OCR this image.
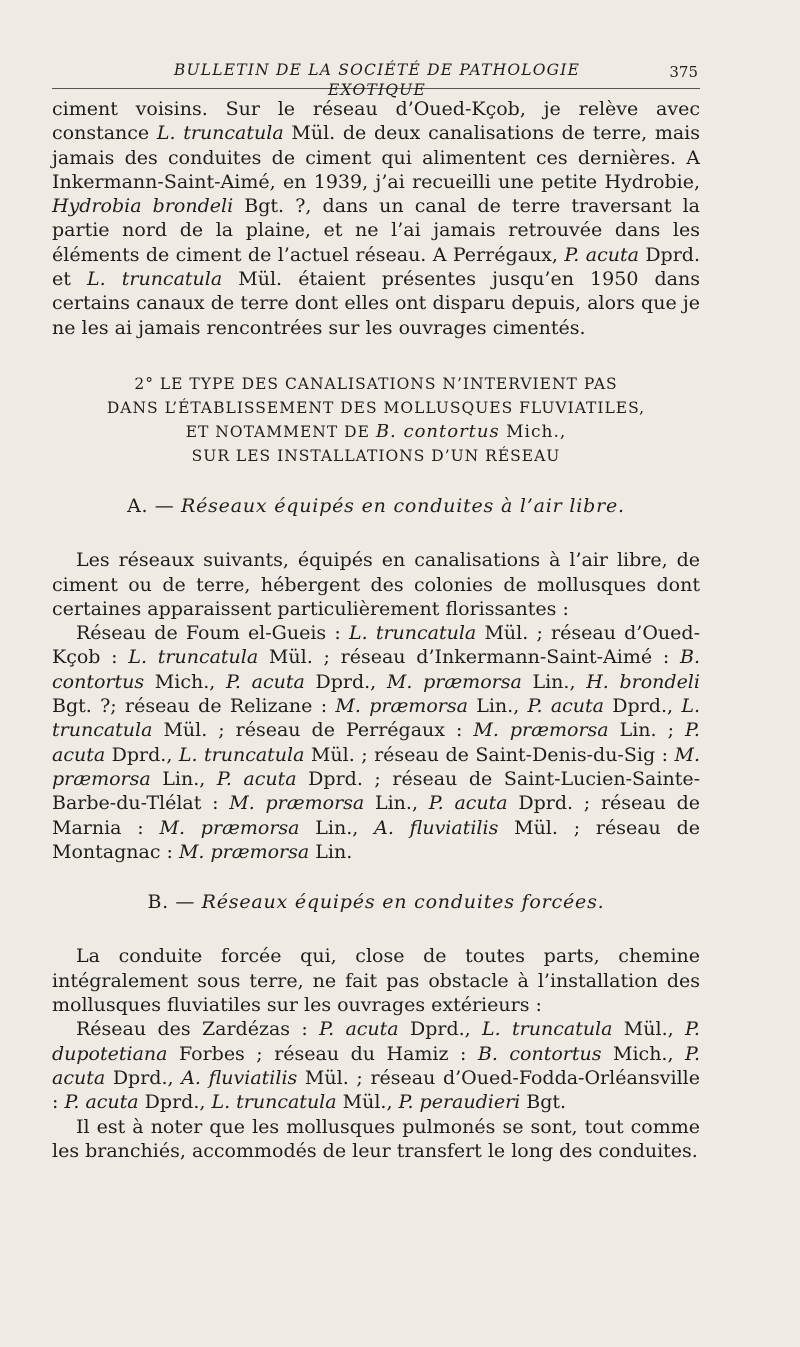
BULLETIN DE LA SOCIÉTÉ DE PATHOLOGIE EXOTIQUE
375

ciment voisins. Sur le réseau d’Oued-Kçob, je relève avec constance L. truncatula Mül. de deux canalisations de terre, mais jamais des conduites de ciment qui alimentent ces dernières. A Inkermann-Saint-Aimé, en 1939, j’ai recueilli une petite Hydrobie, Hydrobia brondeli Bgt. ?, dans un canal de terre traversant la partie nord de la plaine, et ne l’ai jamais retrouvée dans les éléments de ciment de l’actuel réseau. A Perrégaux, P. acuta Dprd. et L. truncatula Mül. étaient présentes jusqu’en 1950 dans certains canaux de terre dont elles ont disparu depuis, alors que je ne les ai jamais rencontrées sur les ouvrages cimentés.

2° LE TYPE DES CANALISATIONS N’INTERVIENT PAS
DANS L’ÉTABLISSEMENT DES MOLLUSQUES FLUVIATILES,
ET NOTAMMENT DE B. contortus Mich.,
SUR LES INSTALLATIONS D’UN RÉSEAU
A. — Réseaux équipés en conduites à l’air libre.

Les réseaux suivants, équipés en canalisations à l’air libre, de ciment ou de terre, hébergent des colonies de mollusques dont certaines apparaissent particulièrement florissantes :

Réseau de Foum el-Gueis : L. truncatula Mül. ; réseau d’Oued-Kçob : L. truncatula Mül. ; réseau d’Inkermann-Saint-Aimé : B. contortus Mich., P. acuta Dprd., M. præmorsa Lin., H. brondeli Bgt. ?; réseau de Relizane : M. præmorsa Lin., P. acuta Dprd., L. truncatula Mül. ; réseau de Perrégaux : M. præmorsa Lin. ; P. acuta Dprd., L. truncatula Mül. ; réseau de Saint-Denis-du-Sig : M. præmorsa Lin., P. acuta Dprd. ; réseau de Saint-Lucien-Sainte-Barbe-du-Tlélat : M. præmorsa Lin., P. acuta Dprd. ; réseau de Marnia : M. præmorsa Lin., A. fluviatilis Mül. ; réseau de Montagnac : M. præmorsa Lin.

B. — Réseaux équipés en conduites forcées.

La conduite forcée qui, close de toutes parts, chemine intégralement sous terre, ne fait pas obstacle à l’installation des mollusques fluviatiles sur les ouvrages extérieurs :

Réseau des Zardézas : P. acuta Dprd., L. truncatula Mül., P. dupotetiana Forbes ; réseau du Hamiz : B. contortus Mich., P. acuta Dprd., A. fluviatilis Mül. ; réseau d’Oued-Fodda-Orléansville : P. acuta Dprd., L. truncatula Mül., P. peraudieri Bgt.

Il est à noter que les mollusques pulmonés se sont, tout comme les branchiés, accommodés de leur transfert le long des conduites.
